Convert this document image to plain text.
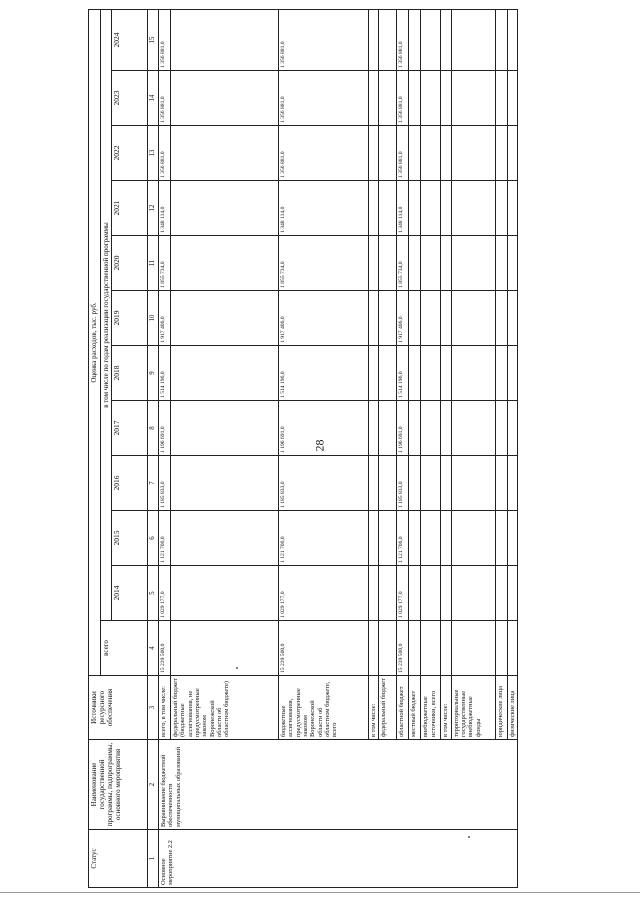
28
Статус	Наименование государственной программы, подпрограммы, основного мероприятия	Источники ресурсного обеспечения	Оценка расходов, тыс. руб.											
			всего	в том числе по годам реализации государственной программы										
				2014	2015	2016	2017	2018	2019	2020	2021	2022	2023	2024
1	2	3	4	5	6	7	8	9	10	11	12	13	14	15
Основное мероприятие 2.2	Выравнивание бюджетной обеспеченности муниципальных образований	всего, в том числе:	15 239 500,0	1 029 177,0	1 121 706,0	1 185 833,0	1 196 691,0	1 514 196,0	1 917 406,0	1 855 734,0	1 348 114,0	1 356 881,0	1 356 881,0	1 356 881,0
		федеральный бюджет (бюджетные ассигнования, не предусмотренные законом Воронежской области об областном бюджете)												
		бюджетные ассигнования, предусмотренные законом Воронежской области об областном бюджете, всего	15 239 500,0	1 029 177,0	1 121 706,0	1 185 833,0	1 196 691,0	1 514 196,0	1 917 406,0	1 855 734,0	1 348 114,0	1 356 881,0	1 356 881,0	1 356 881,0
		в том числе:												
		федеральный бюджет												
		областной бюджет	15 239 500,0	1 029 177,0	1 121 706,0	1 185 833,0	1 196 691,0	1 514 196,0	1 917 406,0	1 855 734,0	1 348 114,0	1 356 881,0	1 356 881,0	1 356 881,0
		местный бюджет												
		внебюджетные источники, всего												
		в том числе:												
		территориальные государственные внебюджетные фонды												
		юридические лица												
		физические лица												
